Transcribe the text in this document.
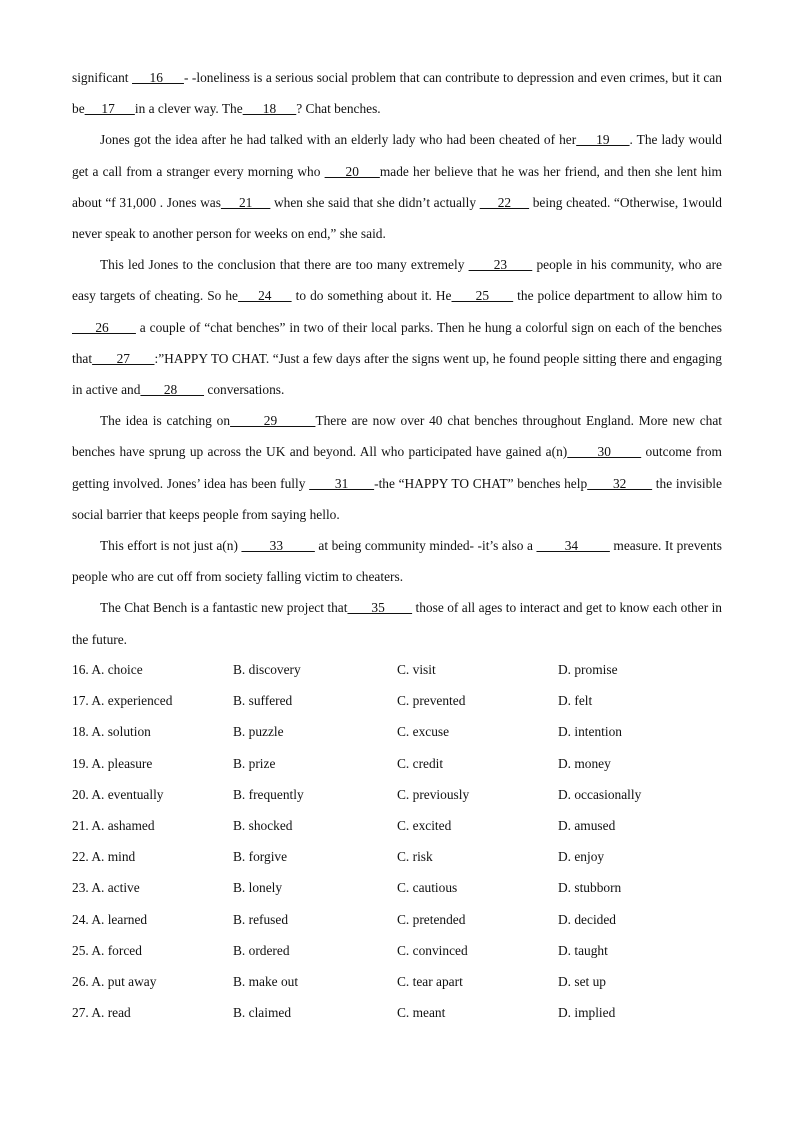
significant      16      - -loneliness is a serious social problem that can contribute to depression and even crimes, but it can be     17      in a clever way. The      18      ? Chat benches.

Jones got the idea after he had talked with an elderly lady who had been cheated of her     19     . The lady would get a call from a stranger every morning who      20     made her believe that he was her friend, and then she lent him about “f 31,000 . Jones was     21      when she said that she didn’t actually      22      being cheated. “Otherwise, 1would never speak to another person for weeks on end,” she said.

This led Jones to the conclusion that there are too many extremely       23       people in his community, who are easy targets of cheating. So he     24      to do something about it. He      25       the police department to allow him to       26        a couple of “chat benches” in two of their local parks. Then he hung a colorful sign on each of the benches that       27       :”HAPPY TO CHAT. “Just a few days after the signs went up, he found people sitting there and engaging in active and       28         conversations.

The idea is catching on       29        There are now over 40 chat benches throughout England. More new chat benches have sprung up across the UK and beyond. All who participated have gained a(n)       30        outcome from getting involved. Jones’ idea has been fully        31       -the “HAPPY TO CHAT” benches help       32        the invisible social barrier that keeps people from saying hello.

This effort is not just a(n)         33          at being community minded- -it’s also a         34          measure. It prevents people who are cut off from society falling victim to cheaters.

The Chat Bench is a fantastic new project that       35         those of all ages to interact and get to know each other in the future.

16. A. choice	B. discovery	C. visit	D. promise
17. A. experienced	B. suffered	C. prevented	D. felt
18. A. solution	B. puzzle	C. excuse	D. intention
19. A. pleasure	B. prize	C. credit	D. money
20. A. eventually	B. frequently	C. previously	D. occasionally
21. A. ashamed	B. shocked	C. excited	D. amused
22. A. mind	B. forgive	C. risk	D. enjoy
23. A. active	B. lonely	C. cautious	D. stubborn
24. A. learned	B. refused	C. pretended	D. decided
25. A. forced	B. ordered	C. convinced	D. taught
26. A. put away	B. make out	C. tear apart	D. set up
27. A. read	B. claimed	C. meant	D. implied
